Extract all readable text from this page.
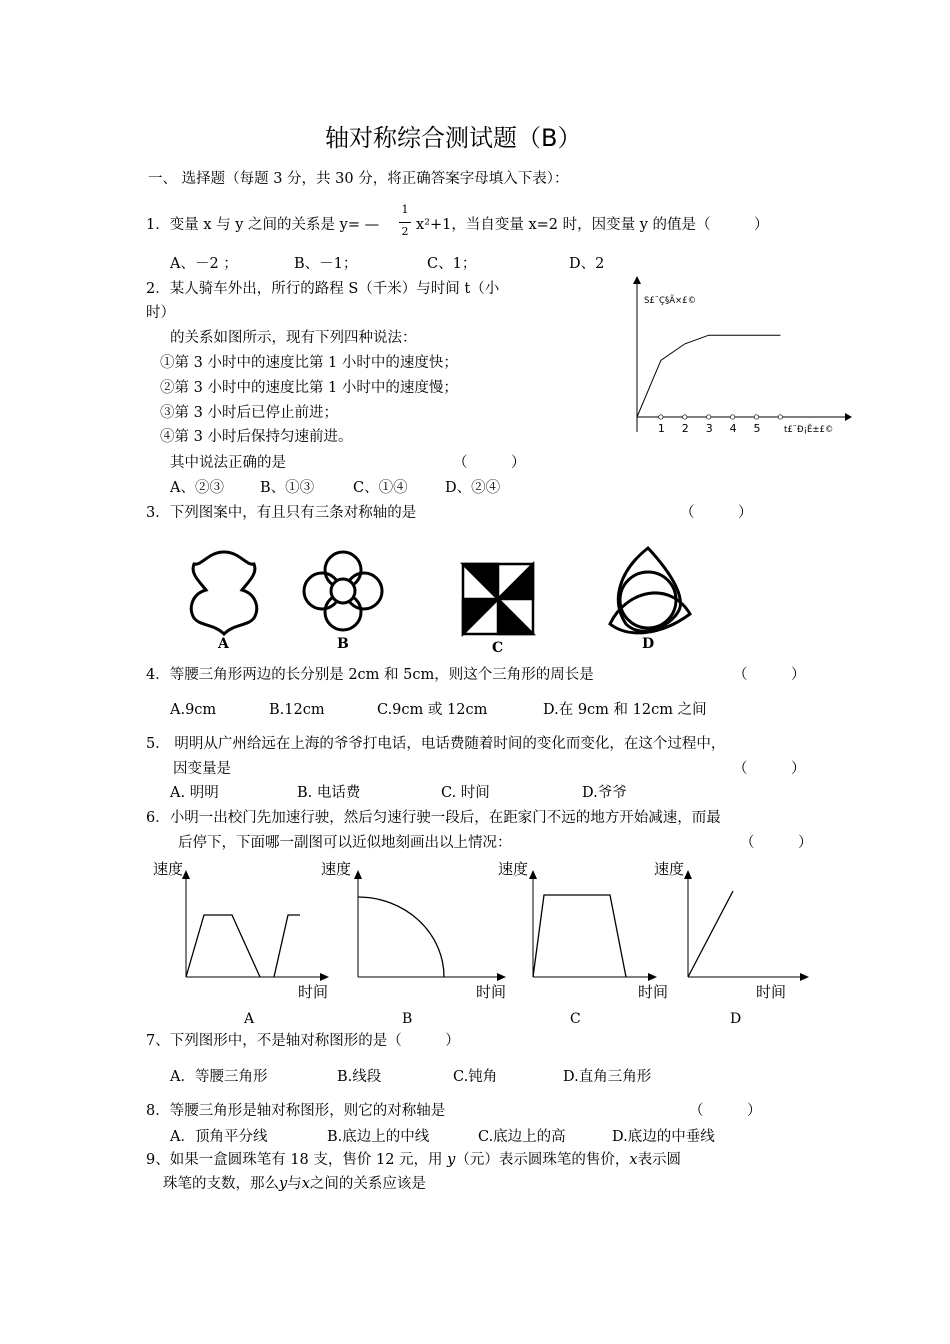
轴对称综合测试题（B）
一、 选择题（每题 3 分，共 30 分，将正确答案字母填入下表）：
1．变量 x 与 y 之间的关系是 y= —
1
2 x²+1，当自变量 x=2 时，因变量 y 的值是（　　　）
A、－2 ；	B、－1；	C、1；	D、2
2．某人骑车外出，所行的路程 S（千米）与时间 t（小
时）
的关系如图所示，现有下列四种说法：
①第 3 小时中的速度比第 1 小时中的速度快；
②第 3 小时中的速度比第 1 小时中的速度慢；
③第 3 小时后已停止前进；
④第 3 小时后保持匀速前进。
其中说法正确的是	（　　　）
A、②③ B、①③	C、①④	D、②④
S£¨Ç§Ã×£©
t£¨Ð¡Ê±£©
1 2 3 4 5
3．下列图案中，有且只有三条对称轴的是	（　　　）
A	B	C	D
4．等腰三角形两边的长分别是 2cm 和 5cm，则这个三角形的周长是	（　　　）
A.9cm	B.12cm	C.9cm 或 12cm	D.在 9cm 和 12cm 之间
5． 明明从广州给远在上海的爷爷打电话，电话费随着时间的变化而变化，在这个过程中，
因变量是	（　　　）
A. 明明	B. 电话费	C. 时间	D.爷爷
6．小明一出校门先加速行驶，然后匀速行驶一段后，在距家门不远的地方开始减速，而最
后停下，下面哪一副图可以近似地刻画出以上情况：	（　　　）
速度
时间
A
速度
时间
B
速度
时间
C
速度
时间
D
7、下列图形中，不是轴对称图形的是（　　　）
A．等腰三角形	B.线段	C.钝角	D.直角三角形
8．等腰三角形是轴对称图形，则它的对称轴是	（　　　）
A．顶角平分线	B.底边上的中线	C.底边上的高	D.底边的中垂线
9、如果一盒圆珠笔有 18 支，售价 12 元，用 y（元）表示圆珠笔的售价，x表示圆
珠笔的支数，那么y与x之间的关系应该是
